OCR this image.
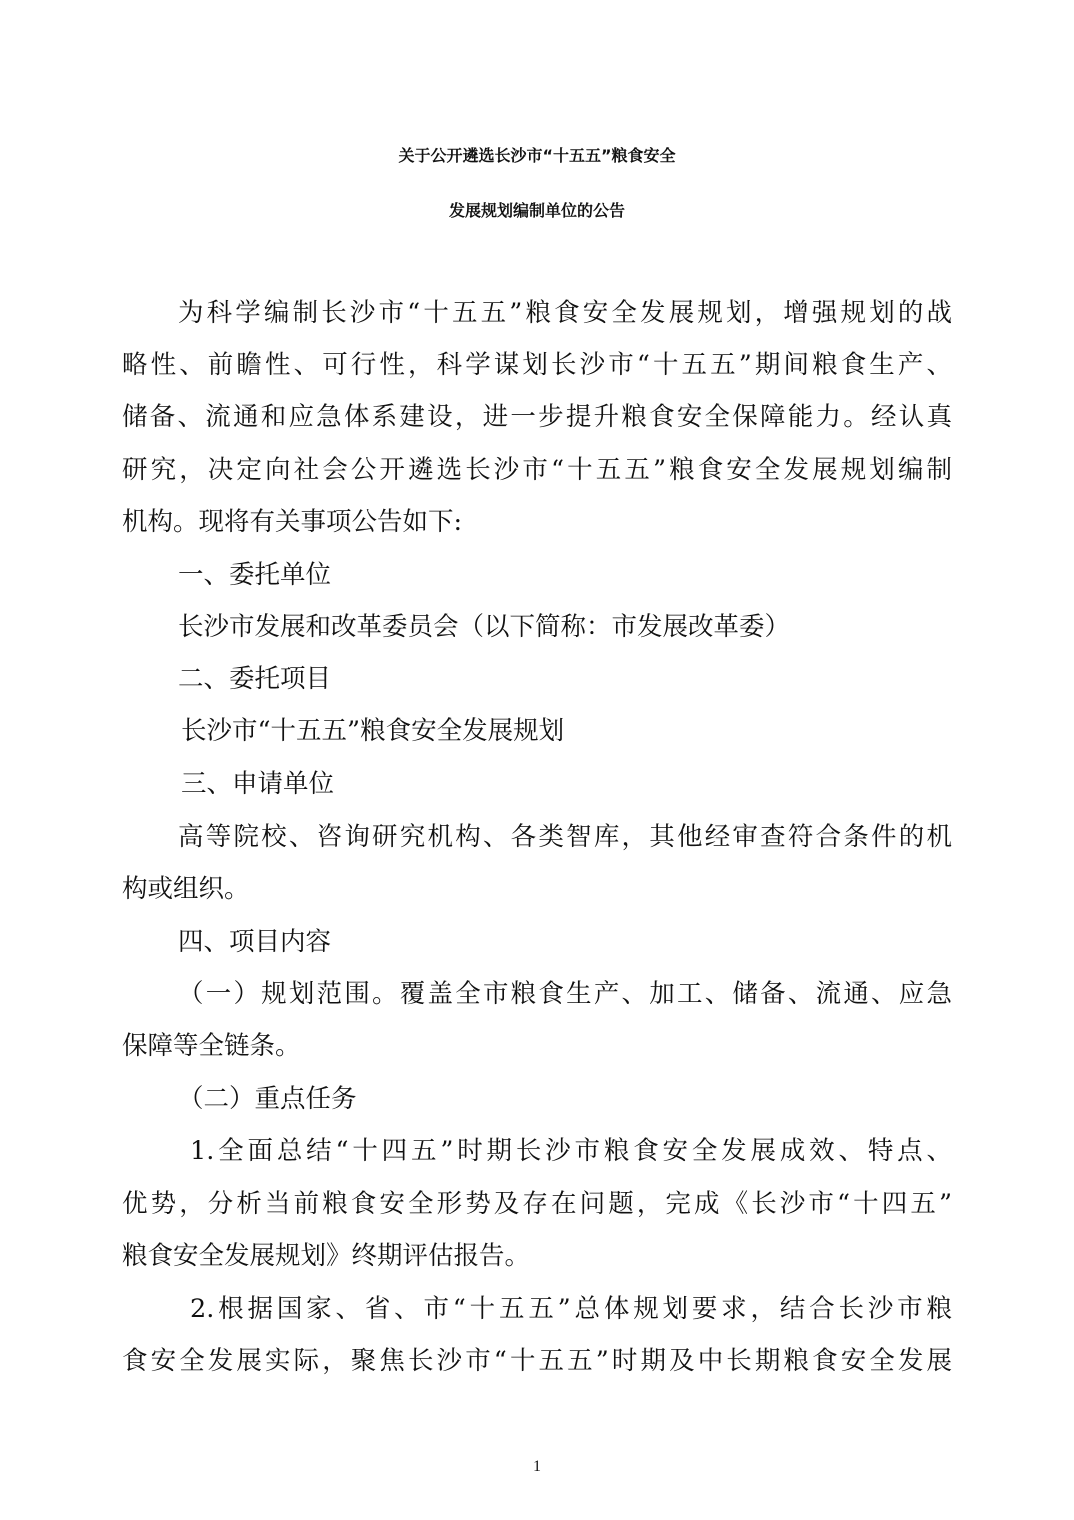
关于公开遴选长沙市“十五五”粮食安全
发展规划编制单位的公告
为科学编制长沙市“十五五”粮食安全发展规划，增强规划的战
略性、前瞻性、可行性，科学谋划长沙市“十五五”期间粮食生产、
储备、流通和应急体系建设，进一步提升粮食安全保障能力。经认真
研究，决定向社会公开遴选长沙市“十五五”粮食安全发展规划编制
机构。现将有关事项公告如下:
一、委托单位
长沙市发展和改革委员会（以下简称：市发展改革委）
二、委托项目
长沙市“十五五”粮食安全发展规划
三、申请单位
高等院校、咨询研究机构、各类智库，其他经审查符合条件的机
构或组织。
四、项目内容
（一）规划范围。覆盖全市粮食生产、加工、储备、流通、应急
保障等全链条。
（二）重点任务
1.全面总结“十四五”时期长沙市粮食安全发展成效、特点、
优势，分析当前粮食安全形势及存在问题，完成《长沙市“十四五”
粮食安全发展规划》终期评估报告。
2.根据国家、省、市“十五五”总体规划要求，结合长沙市粮
食安全发展实际，聚焦长沙市“十五五”时期及中长期粮食安全发展
1
